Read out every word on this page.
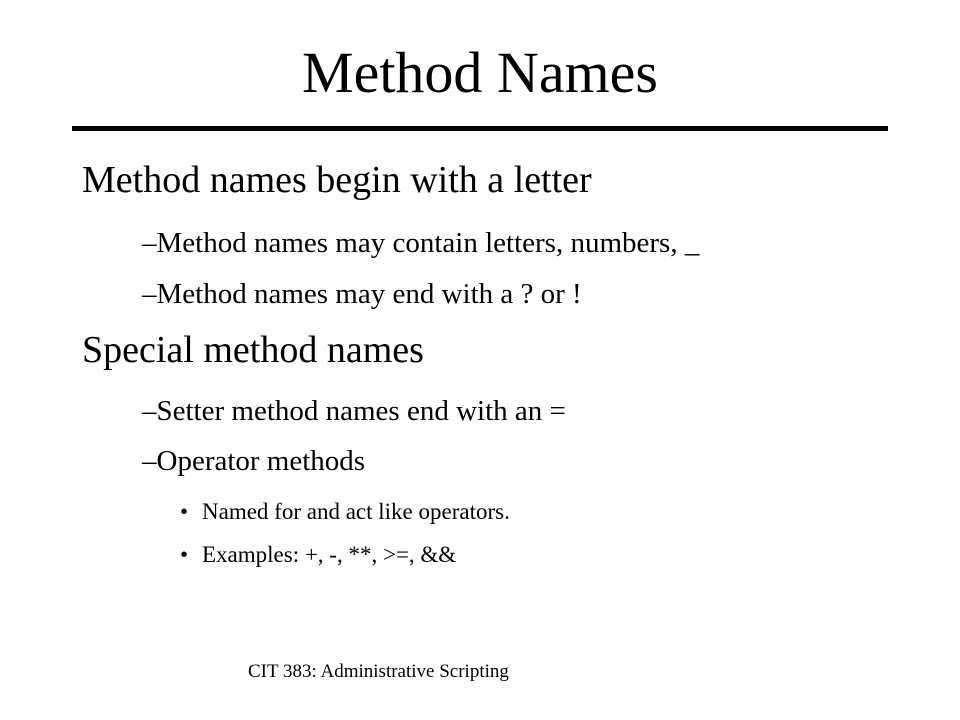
Method Names
Method names begin with a letter
–Method names may contain letters, numbers, _
–Method names may end with a ? or !
Special method names
–Setter method names end with an =
–Operator methods
• Named for and act like operators.
• Examples: +, -, **, >=, &&
CIT 383: Administrative Scripting
